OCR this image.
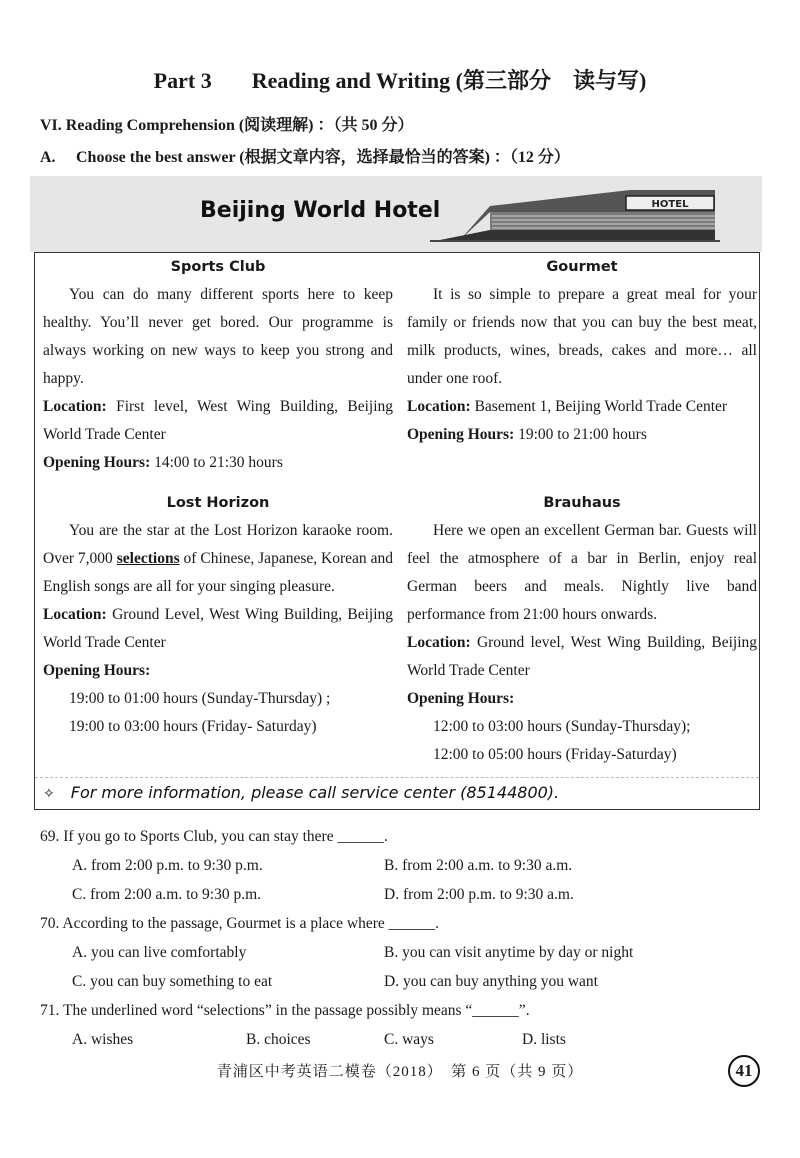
Part 3 Reading and Writing (第三部分　读与写)
VI. Reading Comprehension (阅读理解) ：（共 50 分）
A. Choose the best answer (根据文章内容，选择最恰当的答案) ：（12 分）
Beijing World Hotel	HOTEL
Sports Club

You can do many different sports here to keep healthy. You’ll never get bored. Our programme is always working on new ways to keep you strong and happy.

Location: First level, West Wing Building, Beijing World Trade Center

Opening Hours: 14:00 to 21:30 hours

Gourmet

It is so simple to prepare a great meal for your family or friends now that you can buy the best meat, milk products, wines, breads, cakes and more… all under one roof.

Location: Basement 1, Beijing World Trade Center

Opening Hours: 19:00 to 21:00 hours

Lost Horizon

You are the star at the Lost Horizon karaoke room. Over 7,000 selections of Chinese, Japanese, Korean and English songs are all for your singing pleasure.

Location: Ground Level, West Wing Building, Beijing World Trade Center

Opening Hours:

19:00 to 01:00 hours (Sunday-Thursday) ;

19:00 to 03:00 hours (Friday- Saturday)

Brauhaus

Here we open an excellent German bar. Guests will feel the atmosphere of a bar in Berlin, enjoy real German beers and meals. Nightly live band performance from 21:00 hours onwards.

Location: Ground level, West Wing Building, Beijing World Trade Center

Opening Hours:

12:00 to 03:00 hours (Sunday-Thursday);

12:00 to 05:00 hours (Friday-Saturday)

✧ For more information, please call service center (85144800).
69. If you go to Sports Club, you can stay there ______.
A. from 2:00 p.m. to 9:30 p.m.	B. from 2:00 a.m. to 9:30 a.m.
C. from 2:00 a.m. to 9:30 p.m.	D. from 2:00 p.m. to 9:30 a.m.
70. According to the passage, Gourmet is a place where ______.
A. you can live comfortably	B. you can visit anytime by day or night
C. you can buy something to eat	D. you can buy anything you want
71. The underlined word “selections” in the passage possibly means “______”.
A. wishes	B. choices	C. ways	D. lists
青浦区中考英语二模卷（2018）　第 6 页（共 9 页）	41
